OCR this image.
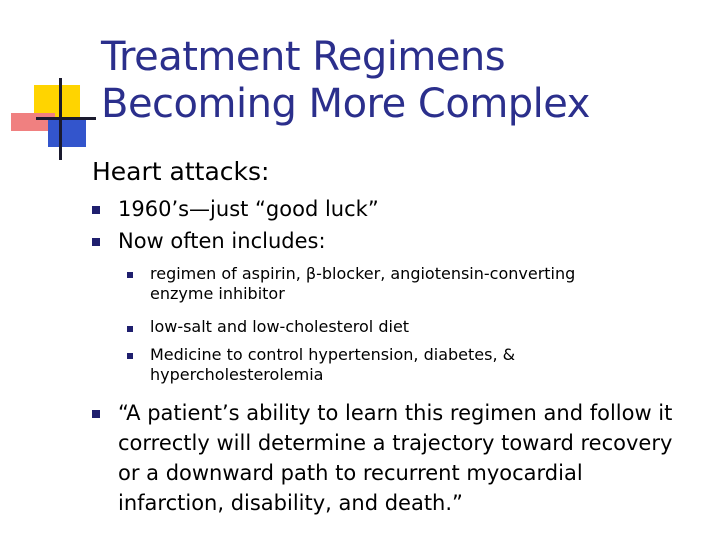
Treatment Regimens
Becoming More Complex
Heart attacks:
1960’s—just “good luck”
Now often includes:
regimen of aspirin, β-blocker, angiotensin-converting
enzyme inhibitor
low-salt and low-cholesterol diet
Medicine to control hypertension, diabetes, &
hypercholesterolemia
“A patient’s ability to learn this regimen and follow it
correctly will determine a trajectory toward recovery
or a downward path to recurrent myocardial
infarction, disability, and death.”
